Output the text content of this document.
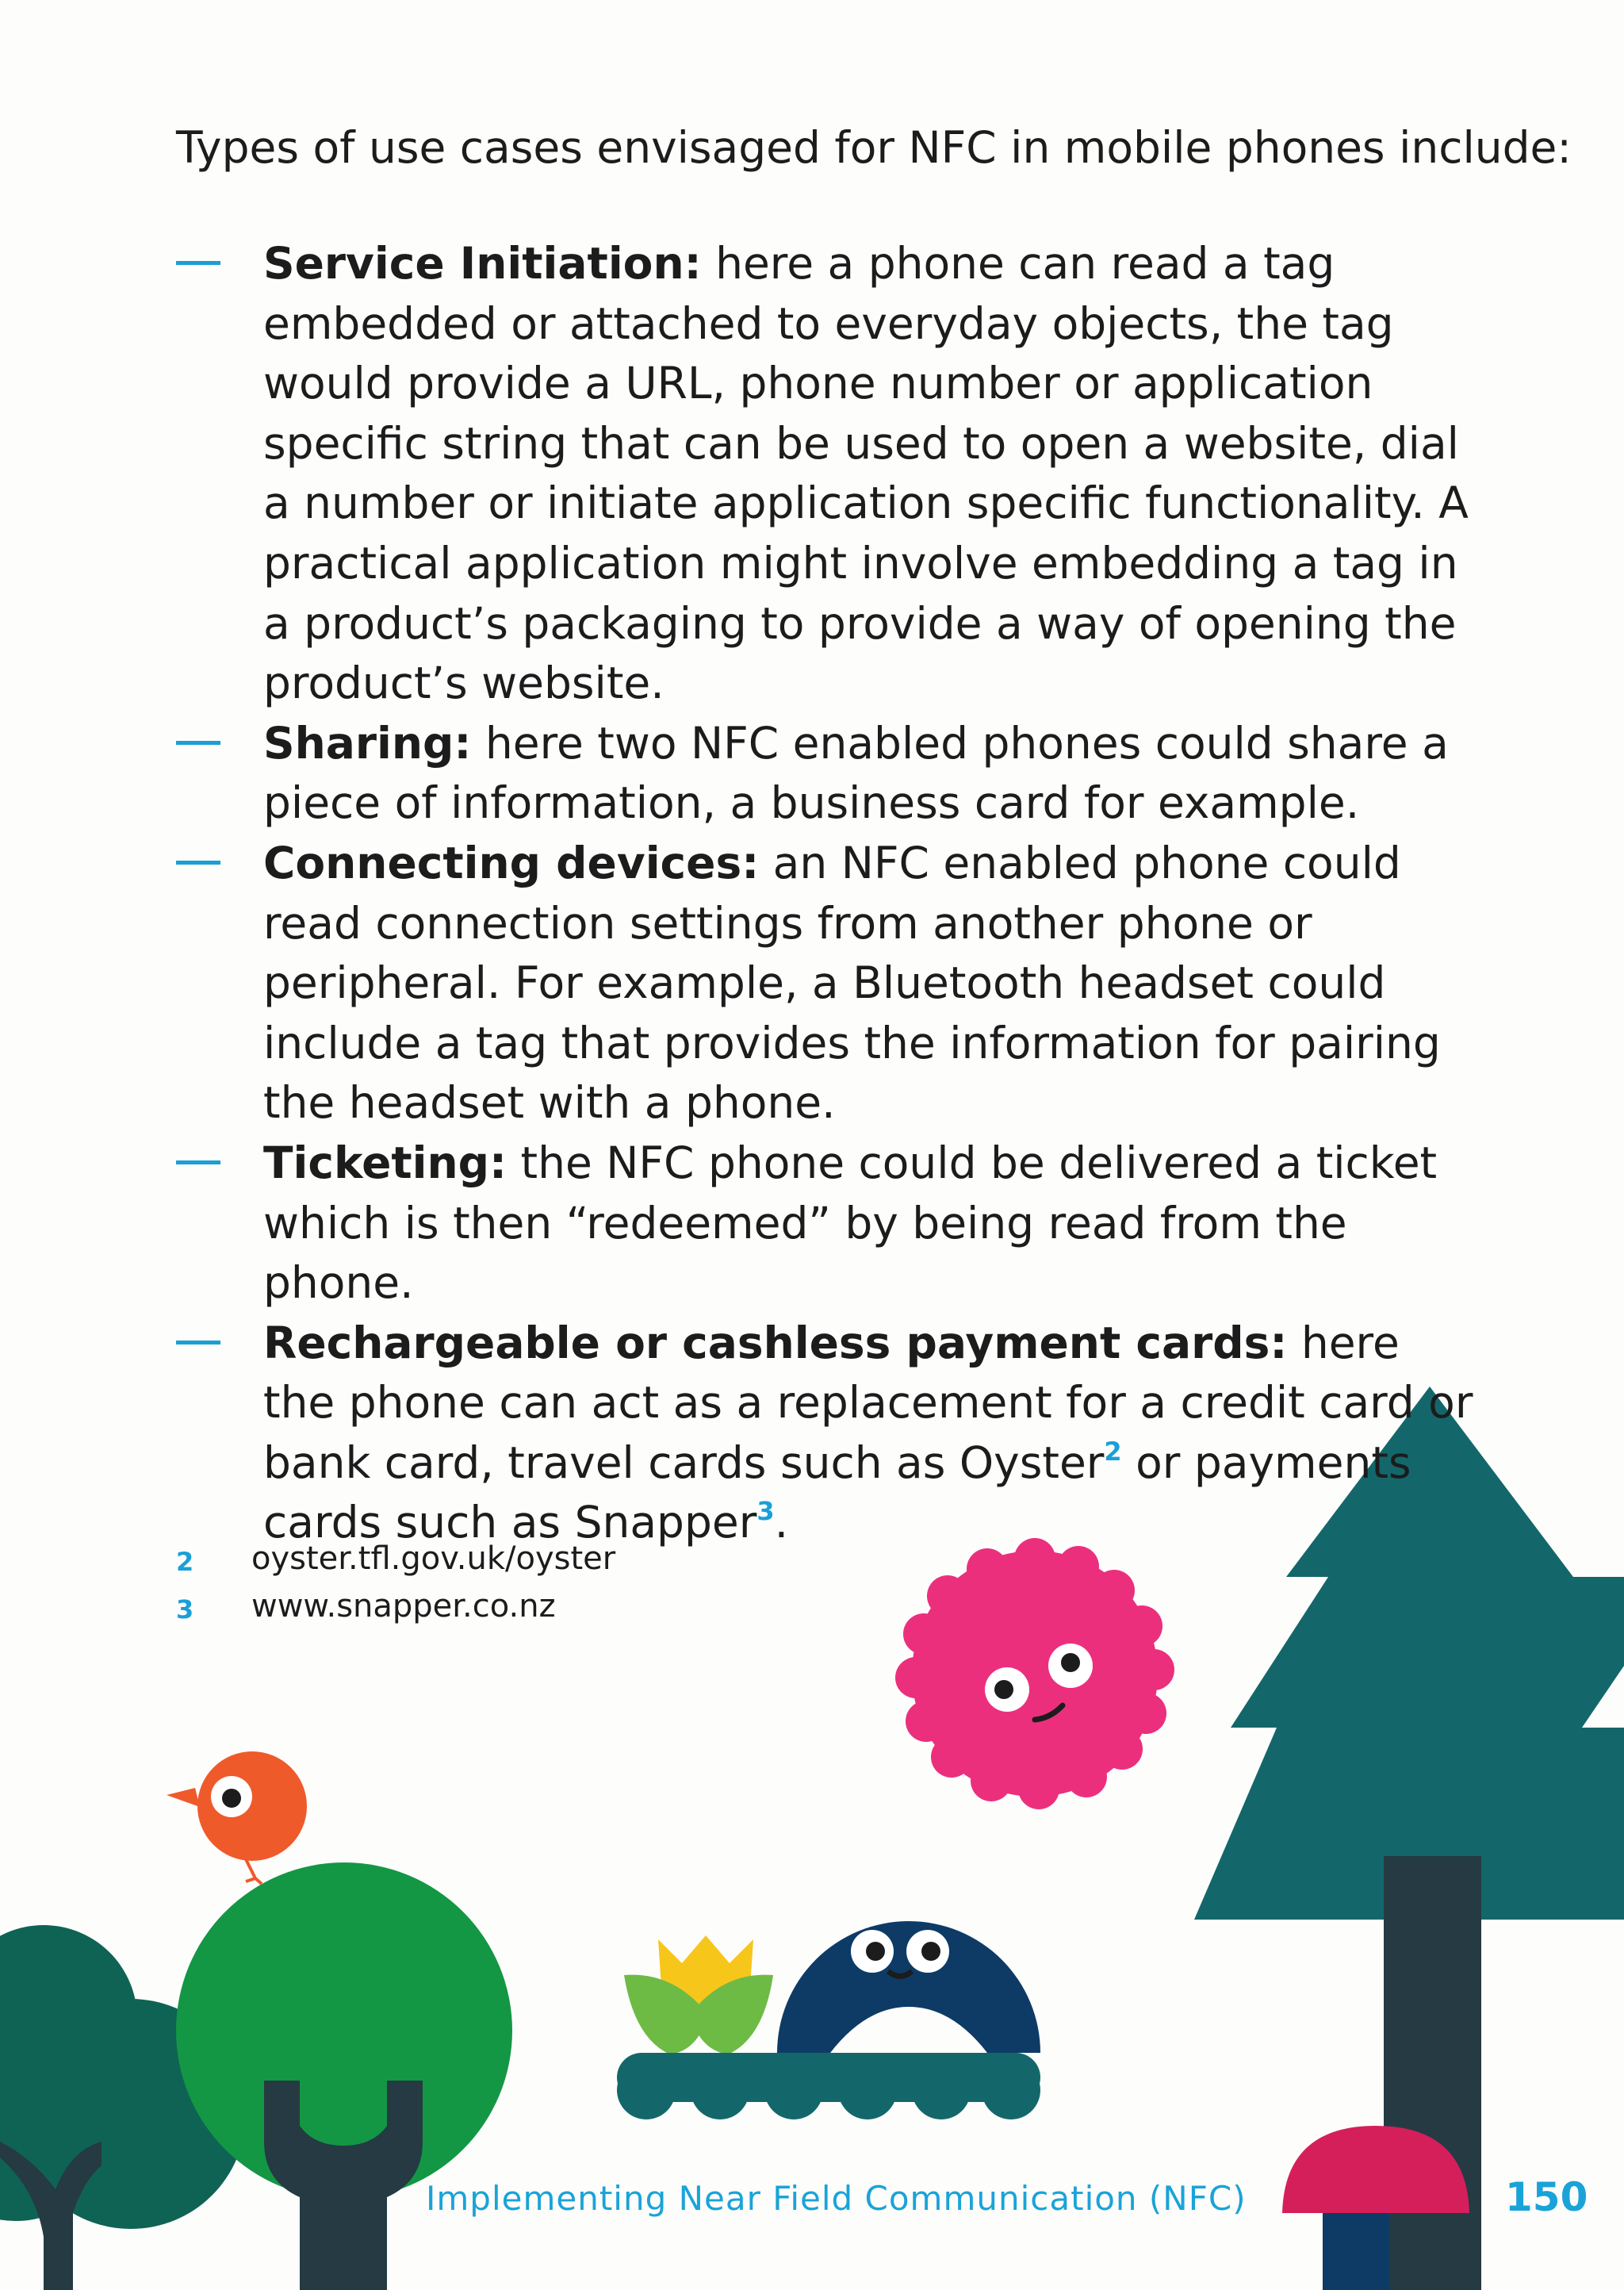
Types of use cases envisaged for NFC in mobile phones include:

Service Initiation: here a phone can read a tag embedded or attached to everyday objects, the tag would provide a URL, phone number or application specific string that can be used to open a website, dial a number or initiate application specific functionality. A practical application might involve embedding a tag in a product’s packaging to provide a way of opening the product’s website.
Sharing: here two NFC enabled phones could share a piece of information, a business card for example.
Connecting devices: an NFC enabled phone could read connection settings from another phone or peripheral. For example, a Bluetooth headset could include a tag that provides the information for pairing the headset with a phone.
Ticketing: the NFC phone could be delivered a ticket which is then “redeemed” by being read from the phone.
Rechargeable or cashless payment cards: here the phone can act as a replacement for a credit card or bank card, travel cards such as Oyster$^2$ or payments cards such as Snapper$^3$.
2 oyster.tfl.gov.uk/oyster
3 www.snapper.co.nz
Implementing Near Field Communication (NFC)	150
